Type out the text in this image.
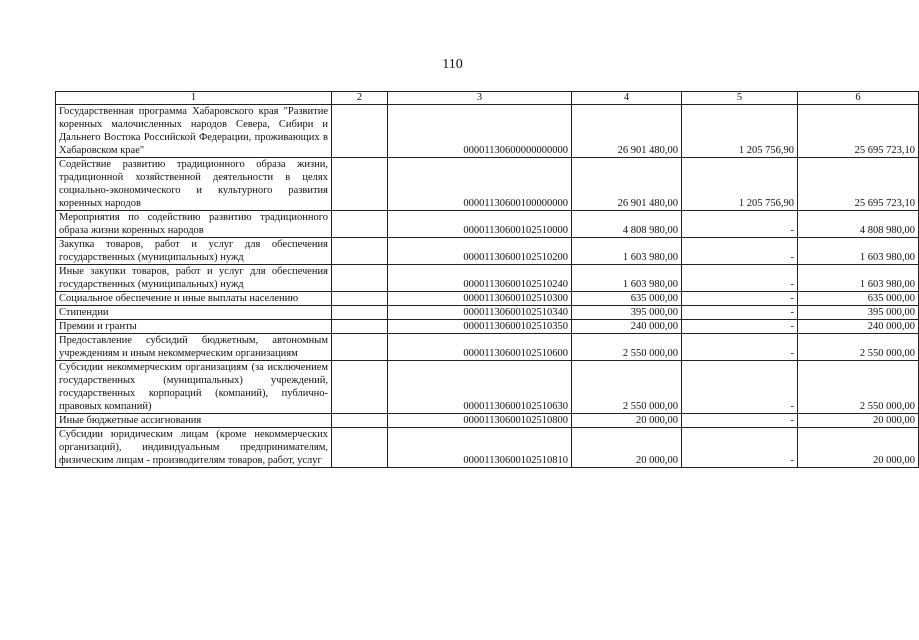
110
1	2	3	4	5	6
Государственная программа Хабаровского края "Развитие коренных малочисленных народов Севера, Сибири и Дальнего Востока Российской Федерации, проживающих в Хабаровском крае"		00001130600000000000	26 901 480,00	1 205 756,90	25 695 723,10
Содействие развитию традиционного образа жизни, традиционной хозяйственной деятельности в целях социально-экономического и культурного развития коренных народов		00001130600100000000	26 901 480,00	1 205 756,90	25 695 723,10
Мероприятия по содействию развитию традиционного образа жизни коренных народов		00001130600102510000	4 808 980,00	-	4 808 980,00
Закупка товаров, работ и услуг для обеспечения государственных (муниципальных) нужд		00001130600102510200	1 603 980,00	-	1 603 980,00
Иные закупки товаров, работ и услуг для обеспечения государственных (муниципальных) нужд		00001130600102510240	1 603 980,00	-	1 603 980,00
Социальное обеспечение и иные выплаты населению		00001130600102510300	635 000,00	-	635 000,00
Стипендии		00001130600102510340	395 000,00	-	395 000,00
Премии и гранты		00001130600102510350	240 000,00	-	240 000,00
Предоставление субсидий бюджетным, автономным учреждениям и иным некоммерческим организациям		00001130600102510600	2 550 000,00	-	2 550 000,00
Субсидии некоммерческим организациям (за исключением государственных (муниципальных) учреждений, государственных корпораций (компаний), публично-правовых компаний)		00001130600102510630	2 550 000,00	-	2 550 000,00
Иные бюджетные ассигнования		00001130600102510800	20 000,00	-	20 000,00
Субсидии юридическим лицам (кроме некоммерческих организаций), индивидуальным предпринимателям, физическим лицам - производителям товаров, работ, услуг		00001130600102510810	20 000,00	-	20 000,00
